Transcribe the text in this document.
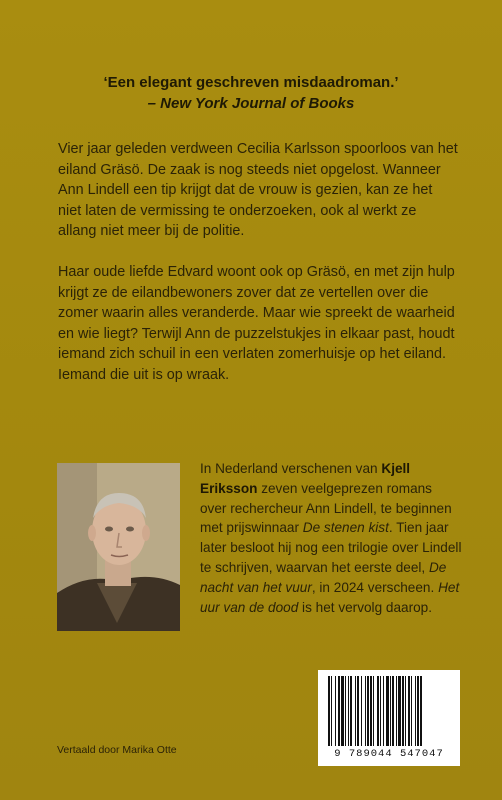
‘Een elegant geschreven misdaadroman.’
– New York Journal of Books

Vier jaar geleden verdween Cecilia Karlsson spoorloos van het eiland Gräsö. De zaak is nog steeds niet opgelost. Wanneer Ann Lindell een tip krijgt dat de vrouw is gezien, kan ze het niet laten de vermissing te onderzoeken, ook al werkt ze allang niet meer bij de politie.

Haar oude liefde Edvard woont ook op Gräsö, en met zijn hulp krijgt ze de eilandbewoners zover dat ze vertellen over die zomer waarin alles veranderde. Maar wie spreekt de waarheid en wie liegt? Terwijl Ann de puzzelstukjes in elkaar past, houdt iemand zich schuil in een verlaten zomerhuisje op het eiland. Iemand die uit is op wraak.

In Nederland verschenen van Kjell Eriksson zeven veelgeprezen romans over rechercheur Ann Lindell, te beginnen met prijswinnaar De stenen kist. Tien jaar later besloot hij nog een trilogie over Lindell te schrijven, waarvan het eerste deel, De nacht van het vuur, in 2024 verscheen. Het uur van de dood is het vervolg daarop.
9 789044 547047
Vertaald door Marika Otte
